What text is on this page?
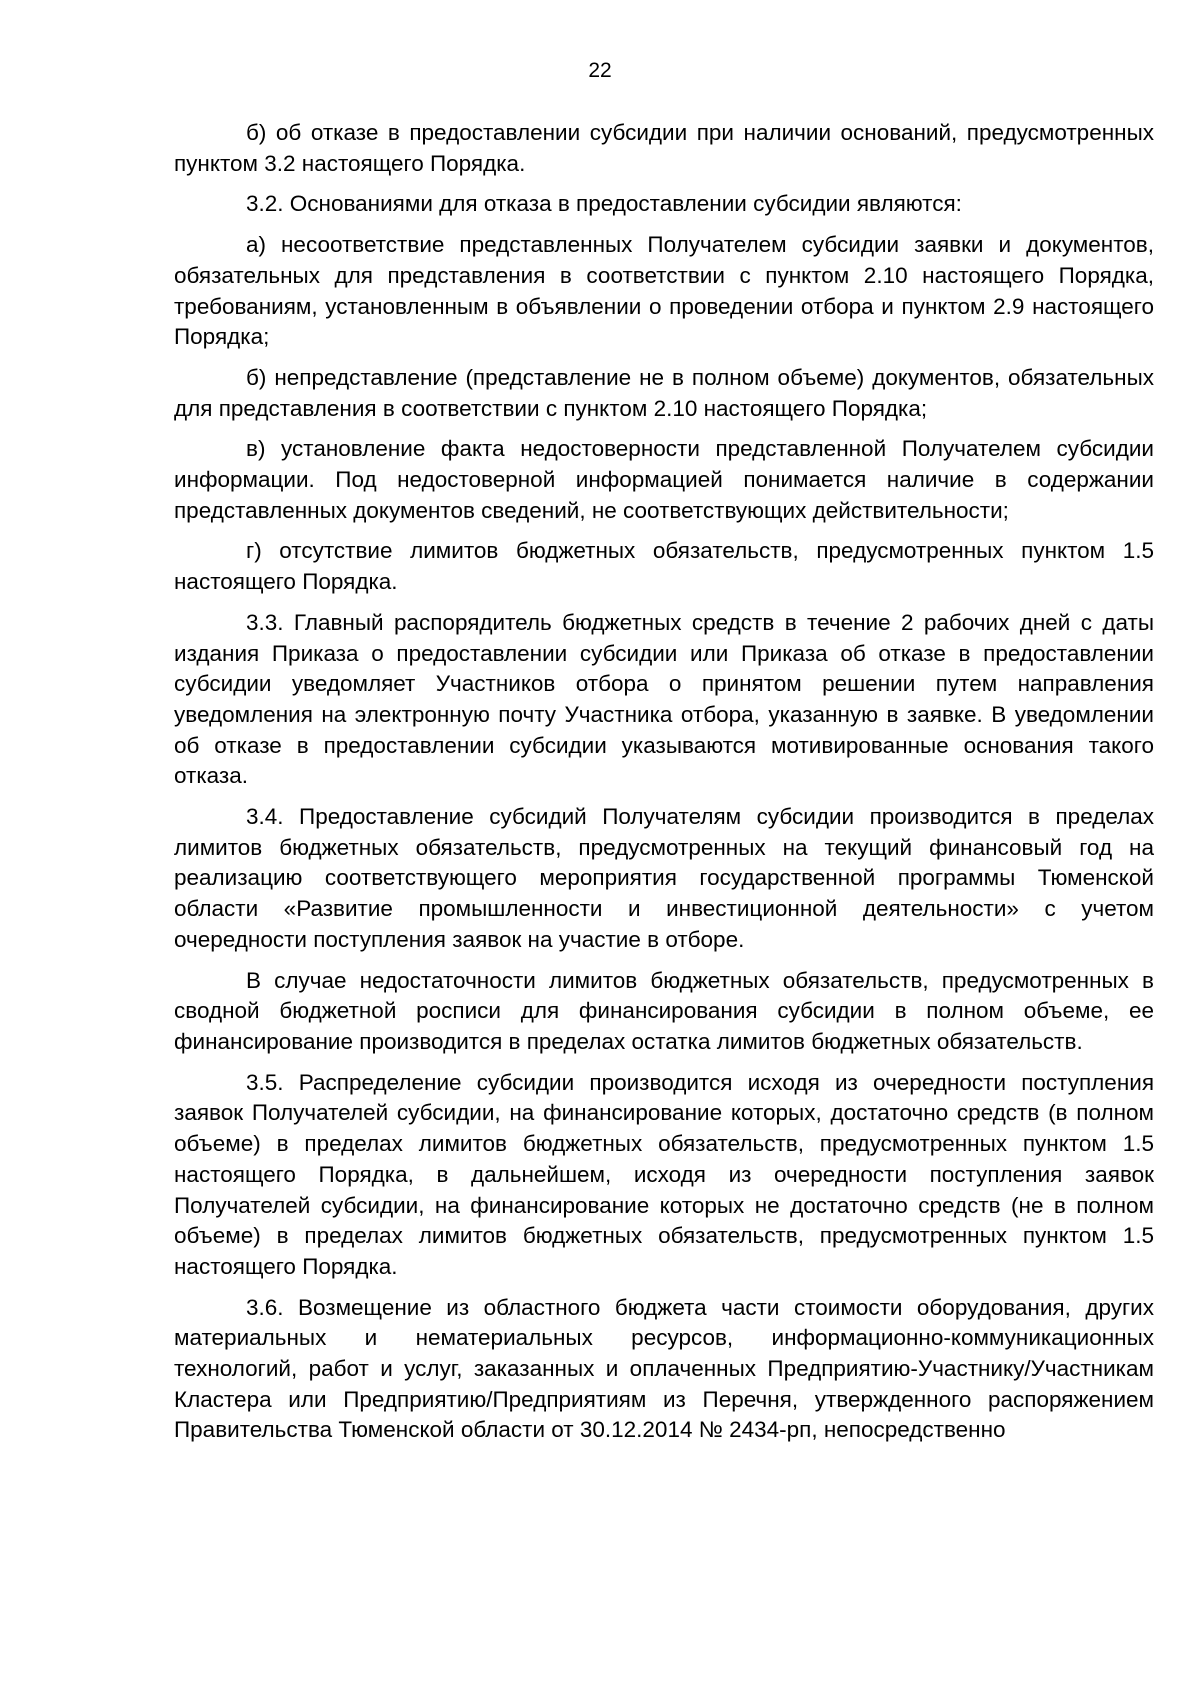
22

б) об отказе в предоставлении субсидии при наличии оснований, предусмотренных пунктом 3.2 настоящего Порядка.

3.2. Основаниями для отказа в предоставлении субсидии являются:

а) несоответствие представленных Получателем субсидии заявки и документов, обязательных для представления в соответствии с пунктом 2.10 настоящего Порядка, требованиям, установленным в объявлении о проведении отбора и пунктом 2.9 настоящего Порядка;

б) непредставление (представление не в полном объеме) документов, обязательных для представления в соответствии с пунктом 2.10 настоящего Порядка;

в) установление факта недостоверности представленной Получателем субсидии информации. Под недостоверной информацией понимается наличие в содержании представленных документов сведений, не соответствующих действительности;

г) отсутствие лимитов бюджетных обязательств, предусмотренных пунктом 1.5 настоящего Порядка.

3.3. Главный распорядитель бюджетных средств в течение 2 рабочих дней с даты издания Приказа о предоставлении субсидии или Приказа об отказе в предоставлении субсидии уведомляет Участников отбора о принятом решении путем направления уведомления на электронную почту Участника отбора, указанную в заявке. В уведомлении об отказе в предоставлении субсидии указываются мотивированные основания такого отказа.

3.4. Предоставление субсидий Получателям субсидии производится в пределах лимитов бюджетных обязательств, предусмотренных на текущий финансовый год на реализацию соответствующего мероприятия государственной программы Тюменской области «Развитие промышленности и инвестиционной деятельности» с учетом очередности поступления заявок на участие в отборе.

В случае недостаточности лимитов бюджетных обязательств, предусмотренных в сводной бюджетной росписи для финансирования субсидии в полном объеме, ее финансирование производится в пределах остатка лимитов бюджетных обязательств.

3.5. Распределение субсидии производится исходя из очередности поступления заявок Получателей субсидии, на финансирование которых, достаточно средств (в полном объеме) в пределах лимитов бюджетных обязательств, предусмотренных пунктом 1.5 настоящего Порядка, в дальнейшем, исходя из очередности поступления заявок Получателей субсидии, на финансирование которых не достаточно средств (не в полном объеме) в пределах лимитов бюджетных обязательств, предусмотренных пунктом 1.5 настоящего Порядка.

3.6. Возмещение из областного бюджета части стоимости оборудования, других материальных и нематериальных ресурсов, информационно-коммуникационных технологий, работ и услуг, заказанных и оплаченных Предприятию-Участнику/Участникам Кластера или Предприятию/Предприятиям из Перечня, утвержденного распоряжением Правительства Тюменской области от 30.12.2014 № 2434-рп, непосредственно
